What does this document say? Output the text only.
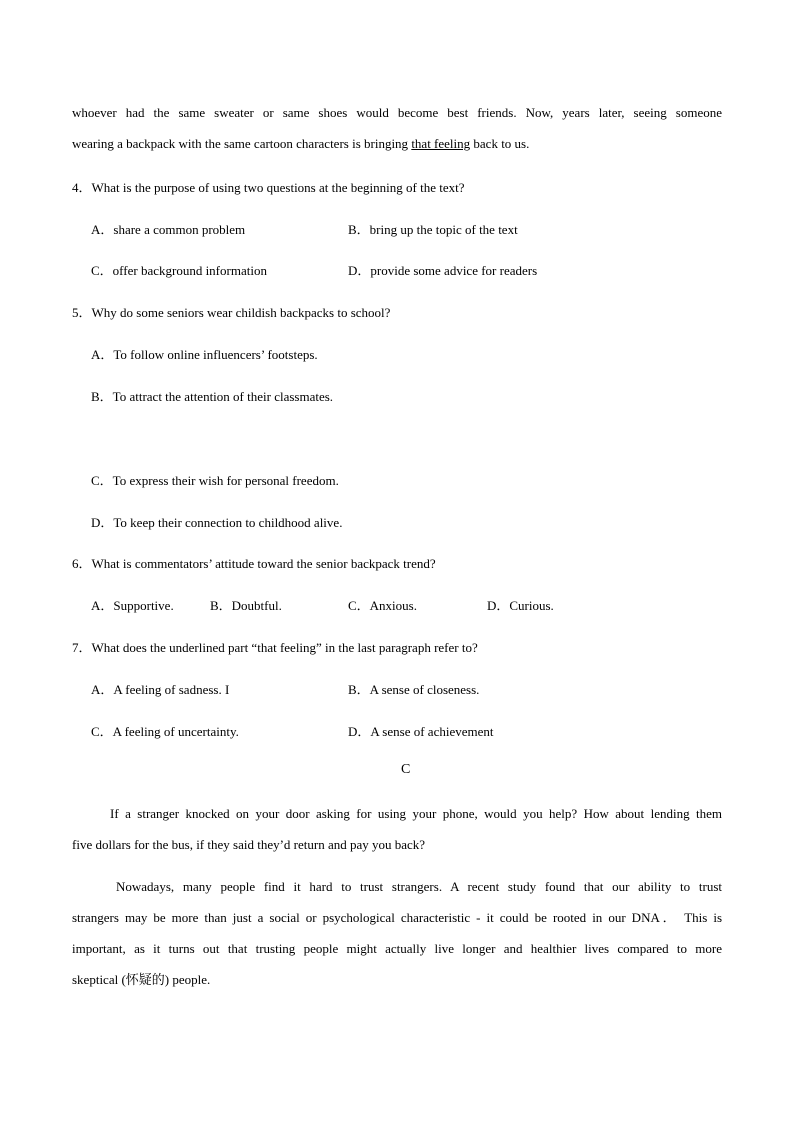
whoever had the same sweater or same shoes would become best friends. Now, years later, seeing someone
wearing a backpack with the same cartoon characters is bringing that feeling back to us.
4．What is the purpose of using two questions at the beginning of the text?
A．share a common problem	B．bring up the topic of the text
C．offer background information	D．provide some advice for readers
5．Why do some seniors wear childish backpacks to school?
A．To follow online influencers’ footsteps.
B．To attract the attention of their classmates.
C．To express their wish for personal freedom.
D．To keep their connection to childhood alive.
6．What is commentators’ attitude toward the senior backpack trend?
A．Supportive.	B．Doubtful.	C．Anxious.	D．Curious.
7．What does the underlined part “that feeling” in the last paragraph refer to?
A．A feeling of sadness. I	B．A sense of closeness.
C．A feeling of uncertainty.	D．A sense of achievement
C
If a stranger knocked on your door asking for using your phone, would you help? How about lending them
five dollars for the bus, if they said they’d return and pay you back?
Nowadays, many people find it hard to trust strangers. A recent study found that our ability to trust
strangers may be more than just a social or psychological characteristic - it could be rooted in our DNA． This is
important, as it turns out that trusting people might actually live longer and healthier lives compared to more
skeptical (怀疑的) people.
